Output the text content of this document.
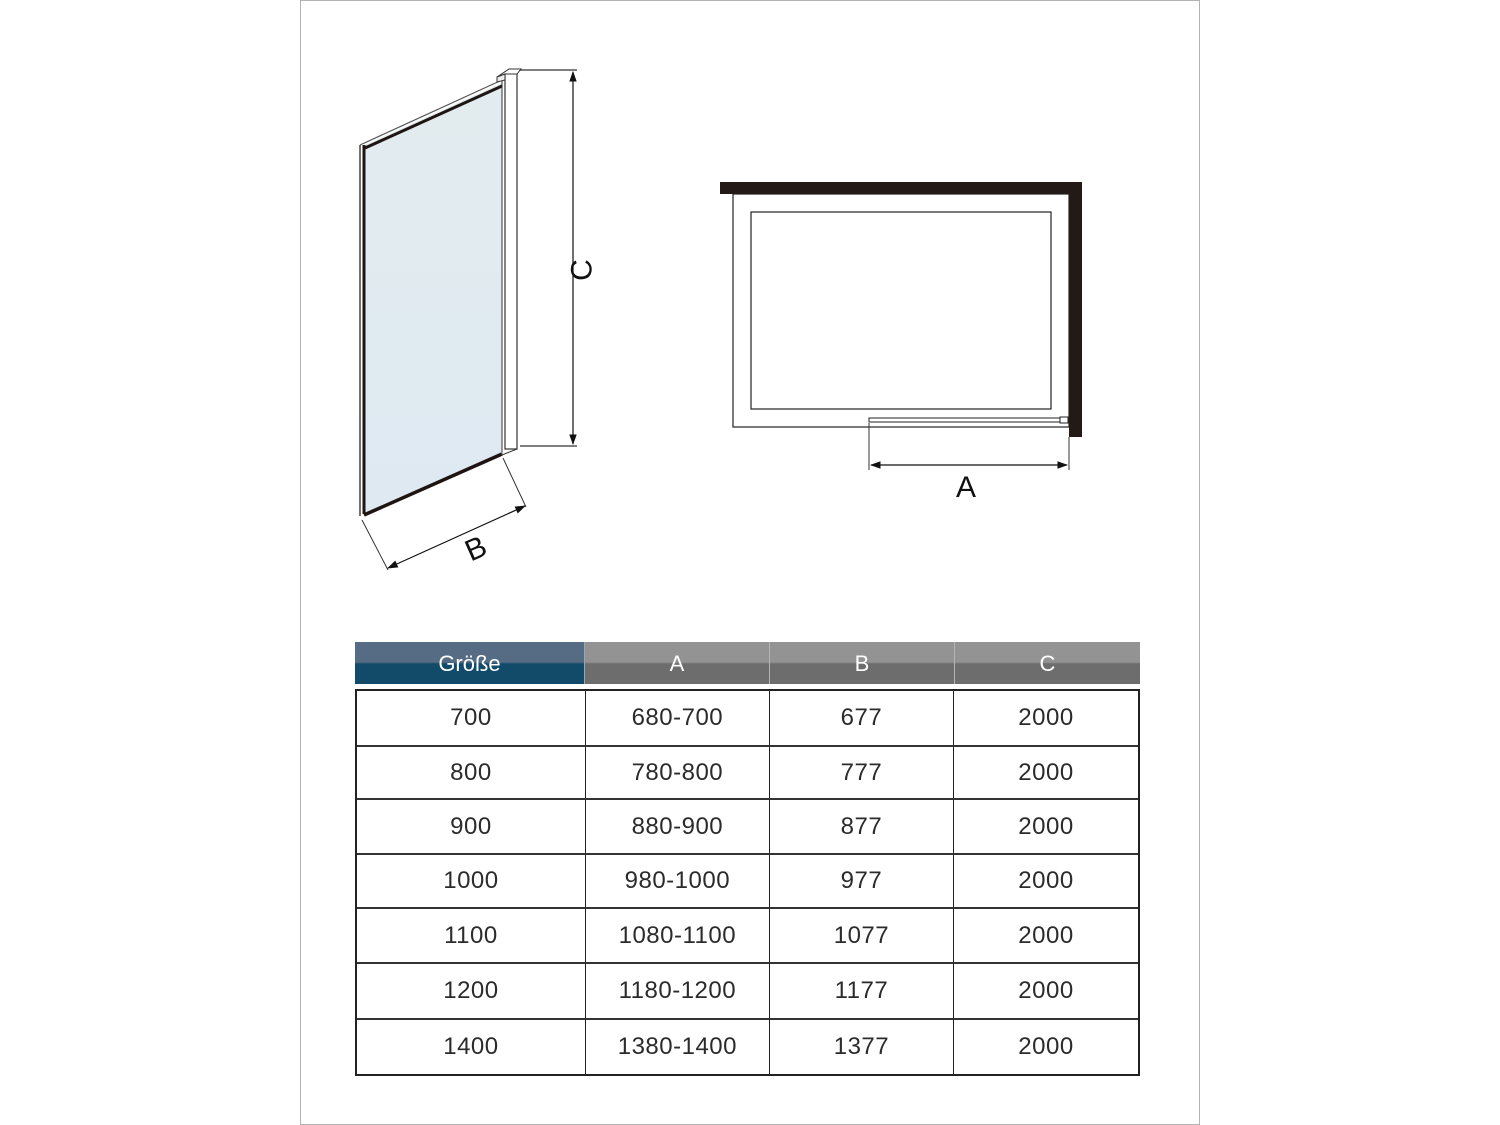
C
B
A
Größe	A	B	C
700	680-700	677	2000
800	780-800	777	2000
900	880-900	877	2000
1000	980-1000	977	2000
1100	1080-1100	1077	2000
1200	1180-1200	1177	2000
1400	1380-1400	1377	2000
